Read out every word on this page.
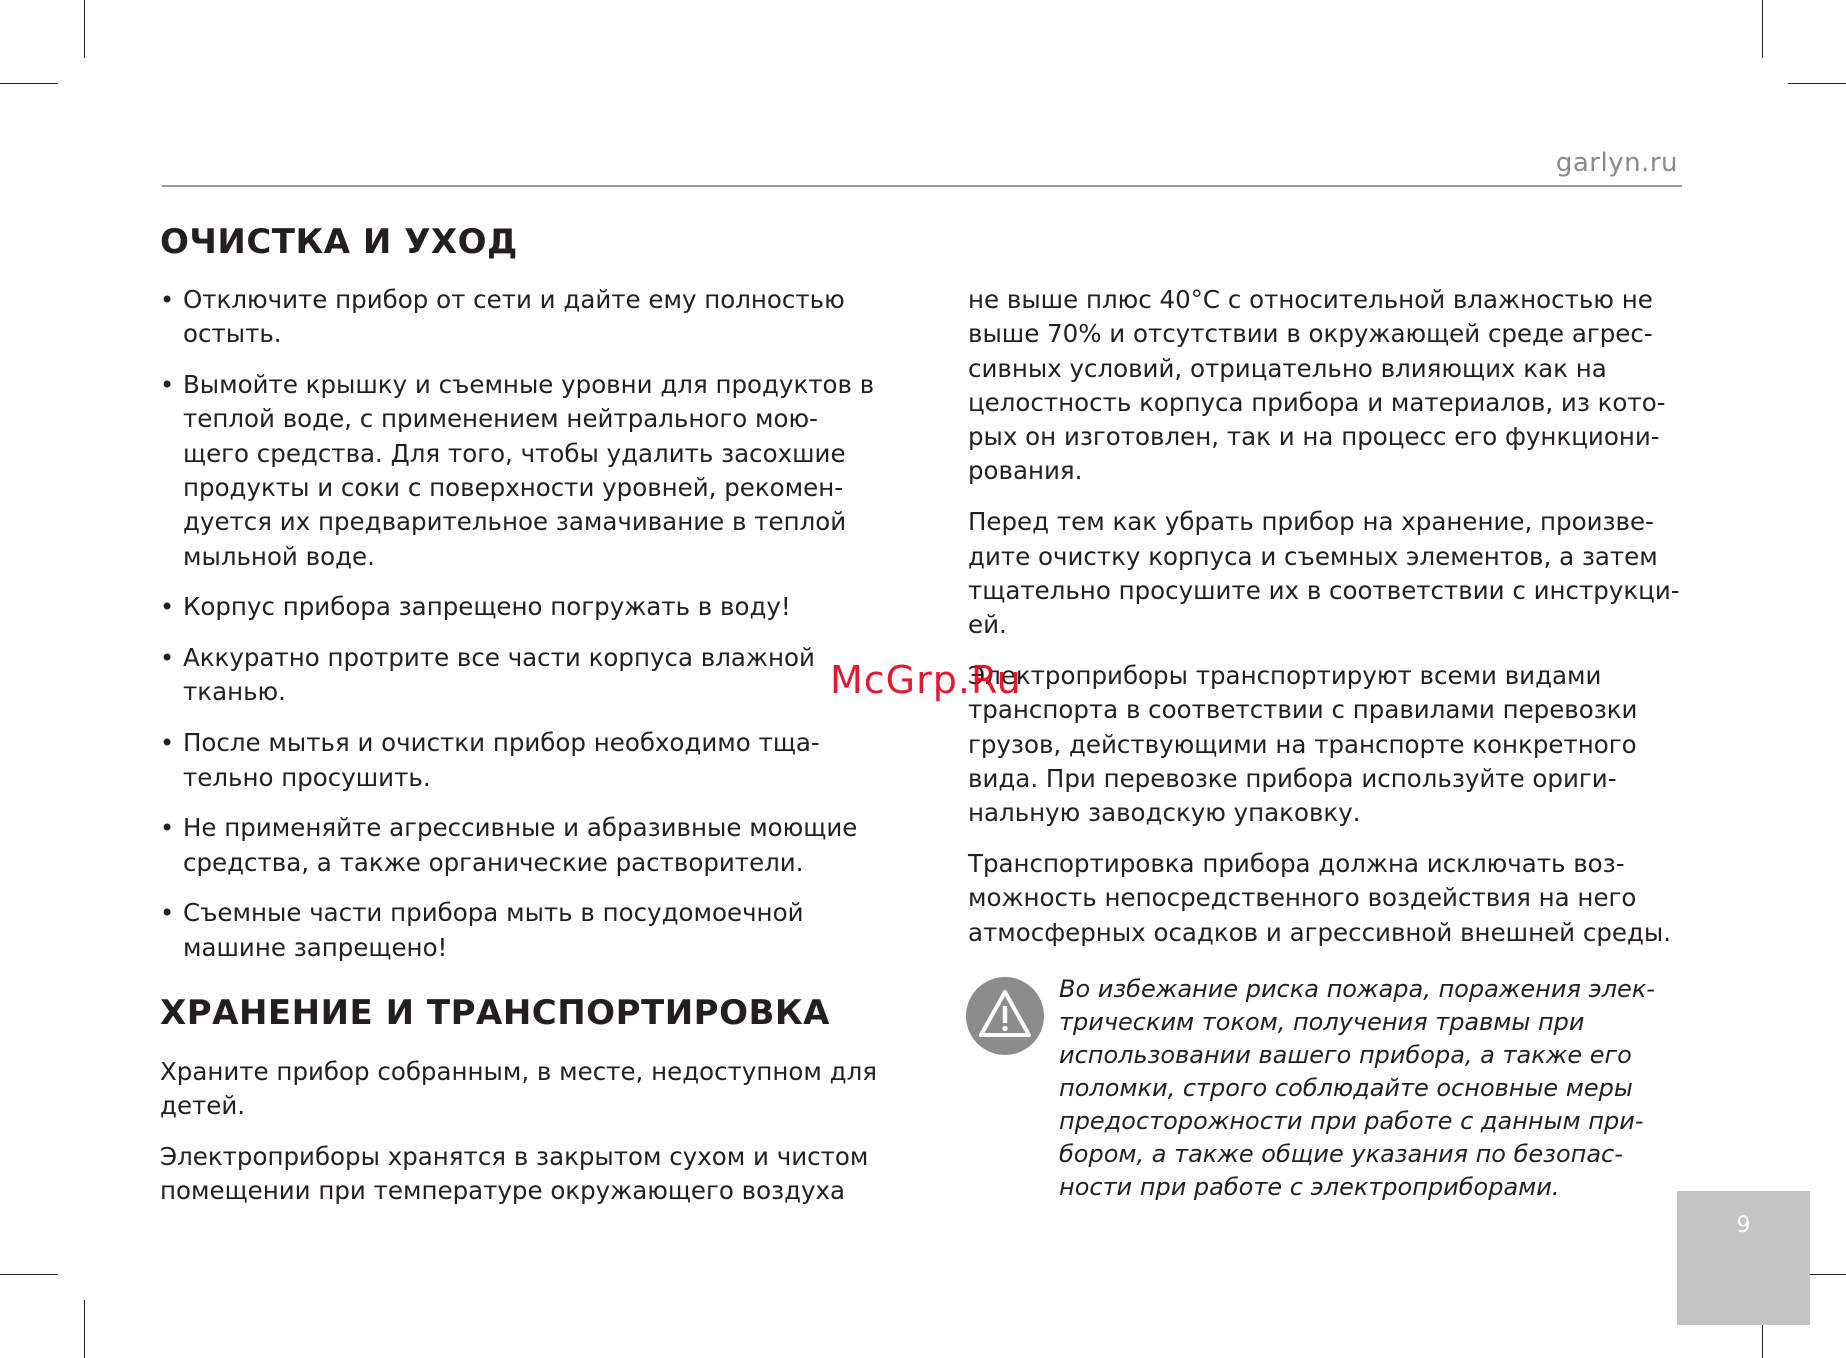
garlyn.ru
ОЧИСТКА И УХОД
• Отключите прибор от сети и дайте ему полностью остыть.
• Вымойте крышку и съемные уровни для продуктов в теплой воде, с применением нейтрального мою-щего средства. Для того, чтобы удалить засохшие продукты и соки с поверхности уровней, рекомен-дуется их предварительное замачивание в теплой мыльной воде.
• Корпус прибора запрещено погружать в воду!
• Аккуратно протрите все части корпуса влажной тканью.
• После мытья и очистки прибор необходимо тща-тельно просушить.
• Не применяйте агрессивные и абразивные моющие средства, а также органические растворители.
• Съемные части прибора мыть в посудомоечной машине запрещено!
ХРАНЕНИЕ И ТРАНСПОРТИРОВКА

Храните прибор собранным, в месте, недоступном для детей.

Электроприборы хранятся в закрытом сухом и чистом помещении при температуре окружающего воздуха

не выше плюс 40°С с относительной влажностью не выше 70% и отсутствии в окружающей среде агрес-сивных условий, отрицательно влияющих как на целостность корпуса прибора и материалов, из кото-рых он изготовлен, так и на процесс его функциони-рования.

Перед тем как убрать прибор на хранение, произве-дите очистку корпуса и съемных элементов, а затем тщательно просушите их в соответствии с инструкци-ей.

Электроприборы транспортируют всеми видами транспорта в соответствии с правилами перевозки грузов, действующими на транспорте конкретного вида. При перевозке прибора используйте ориги-нальную заводскую упаковку.

Транспортировка прибора должна исключать воз-можность непосредственного воздействия на него атмосферных осадков и агрессивной внешней среды.

Во избежание риска пожара, поражения элек-трическим током, получения травмы при использовании вашего прибора, а также его поломки, строго соблюдайте основные меры предосторожности при работе с данным при-бором, а также общие указания по безопас-ности при работе с электроприборами.
McGrp.Ru
9
